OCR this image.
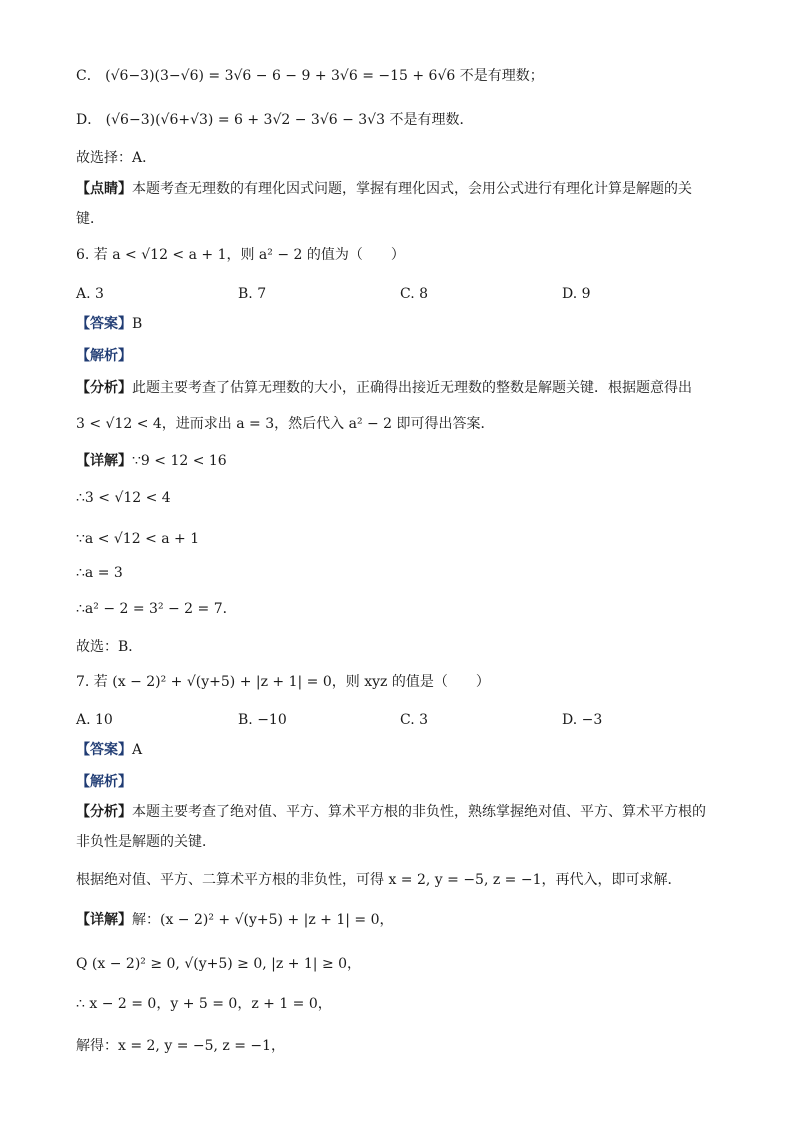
C． (√6−3)(3−√6) = 3√6 − 6 − 9 + 3√6 = −15 + 6√6 不是有理数；
D． (√6−3)(√6+√3) = 6 + 3√2 − 3√6 − 3√3 不是有理数．
故选择：A．
【点睛】本题考查无理数的有理化因式问题，掌握有理化因式，会用公式进行有理化计算是解题的关键．
6. 若 a < √12 < a + 1，则 a² − 2 的值为（　　）
A. 3	B. 7	C. 8	D. 9
【答案】B
【解析】
【分析】此题主要考查了估算无理数的大小，正确得出接近无理数的整数是解题关键．根据题意得出
3 < √12 < 4，进而求出 a = 3，然后代入 a² − 2 即可得出答案．
【详解】∵9 < 12 < 16
∴3 < √12 < 4
∵a < √12 < a + 1
∴a = 3
∴a² − 2 = 3² − 2 = 7．
故选：B．
7. 若 (x − 2)² + √(y+5) + |z + 1| = 0，则 xyz 的值是（　　）
A. 10	B. −10	C. 3	D. −3
【答案】A
【解析】
【分析】本题主要考查了绝对值、平方、算术平方根的非负性，熟练掌握绝对值、平方、算术平方根的非负性是解题的关键．
根据绝对值、平方、二算术平方根的非负性，可得 x = 2, y = −5, z = −1，再代入，即可求解．
【详解】解：(x − 2)² + √(y+5) + |z + 1| = 0，
Q (x − 2)² ≥ 0, √(y+5) ≥ 0, |z + 1| ≥ 0，
∴ x − 2 = 0，y + 5 = 0，z + 1 = 0，
解得：x = 2, y = −5, z = −1，
